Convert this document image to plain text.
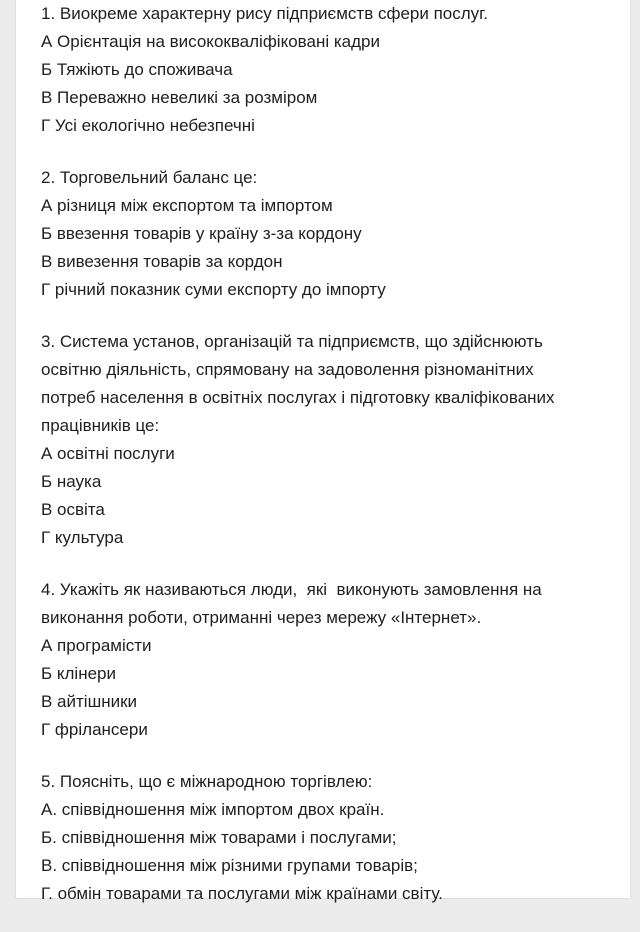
1. Виокреме характерну рису підприємств сфери послуг.
А Орієнтація на висококваліфіковані кадри
Б Тяжіють до споживача
В Переважно невеликі за розміром
Г Усі екологічно небезпечні
2. Торговельний баланс це:
А різниця між експортом та імпортом
Б ввезення товарів у країну з-за кордону
В вивезення товарів за кордон
Г річний показник суми експорту до імпорту
3. Система установ, організацій та підприємств, що здійснюють
освітню діяльність, спрямовану на задоволення різноманітних
потреб населення в освітніх послугах і підготовку кваліфікованих
працівників це:
А освітні послуги
Б наука
В освіта
Г культура
4. Укажіть як називаються люди,  які  виконують замовлення на
виконання роботи, отриманні через мережу «Інтернет».
А програмісти
Б клінери
В айтішники
Г фрілансери
5. Поясніть, що є міжнародною торгівлею:
А. співвідношення між імпортом двох країн.
Б. співвідношення між товарами і послугами;
В. співвідношення між різними групами товарів;
Г. обмін товарами та послугами між країнами світу.
